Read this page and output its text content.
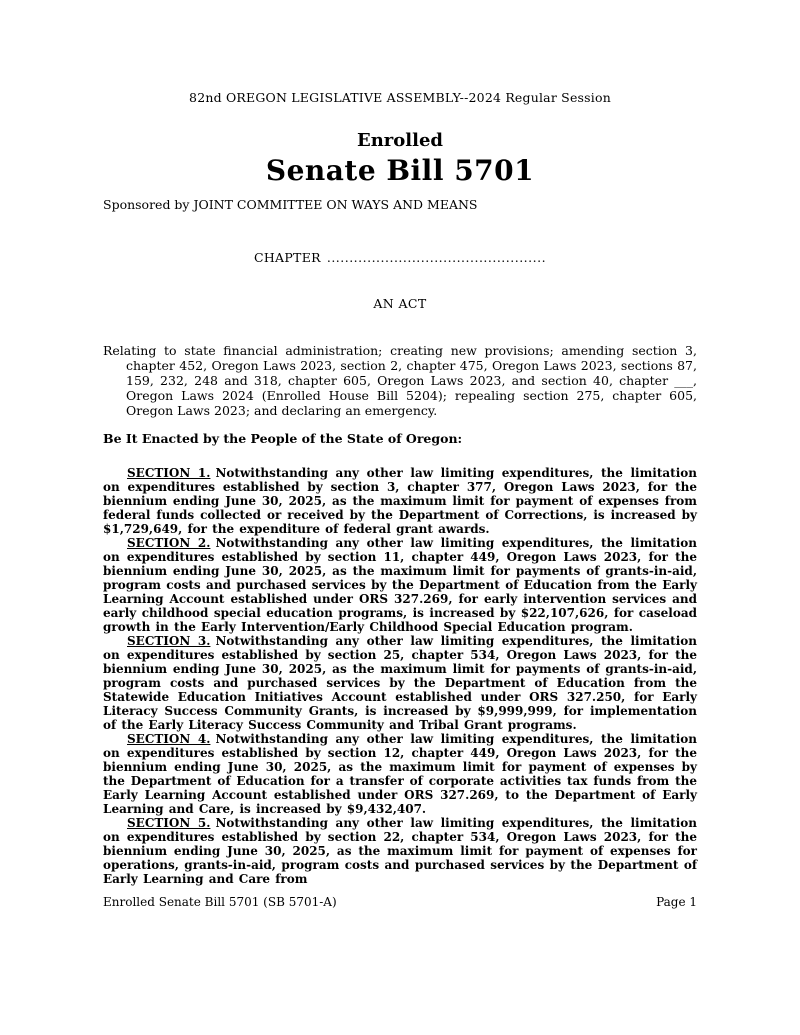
82nd OREGON LEGISLATIVE ASSEMBLY--2024 Regular Session
Enrolled
Senate Bill 5701
Sponsored by JOINT COMMITTEE ON WAYS AND MEANS
CHAPTER .................................................
AN ACT

Relating to state financial administration; creating new provisions; amending section 3, chapter 452, Oregon Laws 2023, section 2, chapter 475, Oregon Laws 2023, sections 87, 159, 232, 248 and 318, chapter 605, Oregon Laws 2023, and section 40, chapter ___, Oregon Laws 2024 (Enrolled House Bill 5204); repealing section 275, chapter 605, Oregon Laws 2023; and declaring an emergency.

Be It Enacted by the People of the State of Oregon:

SECTION 1. Notwithstanding any other law limiting expenditures, the limitation on expenditures established by section 3, chapter 377, Oregon Laws 2023, for the biennium ending June 30, 2025, as the maximum limit for payment of expenses from federal funds collected or received by the Department of Corrections, is increased by $1,729,649, for the expenditure of federal grant awards.

SECTION 2. Notwithstanding any other law limiting expenditures, the limitation on expenditures established by section 11, chapter 449, Oregon Laws 2023, for the biennium ending June 30, 2025, as the maximum limit for payments of grants-in-aid, program costs and purchased services by the Department of Education from the Early Learning Account established under ORS 327.269, for early intervention services and early childhood special education programs, is increased by $22,107,626, for caseload growth in the Early Intervention/Early Childhood Special Education program.

SECTION 3. Notwithstanding any other law limiting expenditures, the limitation on expenditures established by section 25, chapter 534, Oregon Laws 2023, for the biennium ending June 30, 2025, as the maximum limit for payments of grants-in-aid, program costs and purchased services by the Department of Education from the Statewide Education Initiatives Account established under ORS 327.250, for Early Literacy Success Community Grants, is increased by $9,999,999, for implementation of the Early Literacy Success Community and Tribal Grant programs.

SECTION 4. Notwithstanding any other law limiting expenditures, the limitation on expenditures established by section 12, chapter 449, Oregon Laws 2023, for the biennium ending June 30, 2025, as the maximum limit for payment of expenses by the Department of Education for a transfer of corporate activities tax funds from the Early Learning Account established under ORS 327.269, to the Department of Early Learning and Care, is increased by $9,432,407.

SECTION 5. Notwithstanding any other law limiting expenditures, the limitation on expenditures established by section 22, chapter 534, Oregon Laws 2023, for the biennium ending June 30, 2025, as the maximum limit for payment of expenses for operations, grants-in-aid, program costs and purchased services by the Department of Early Learning and Care from

Enrolled Senate Bill 5701 (SB 5701-A)	Page 1
